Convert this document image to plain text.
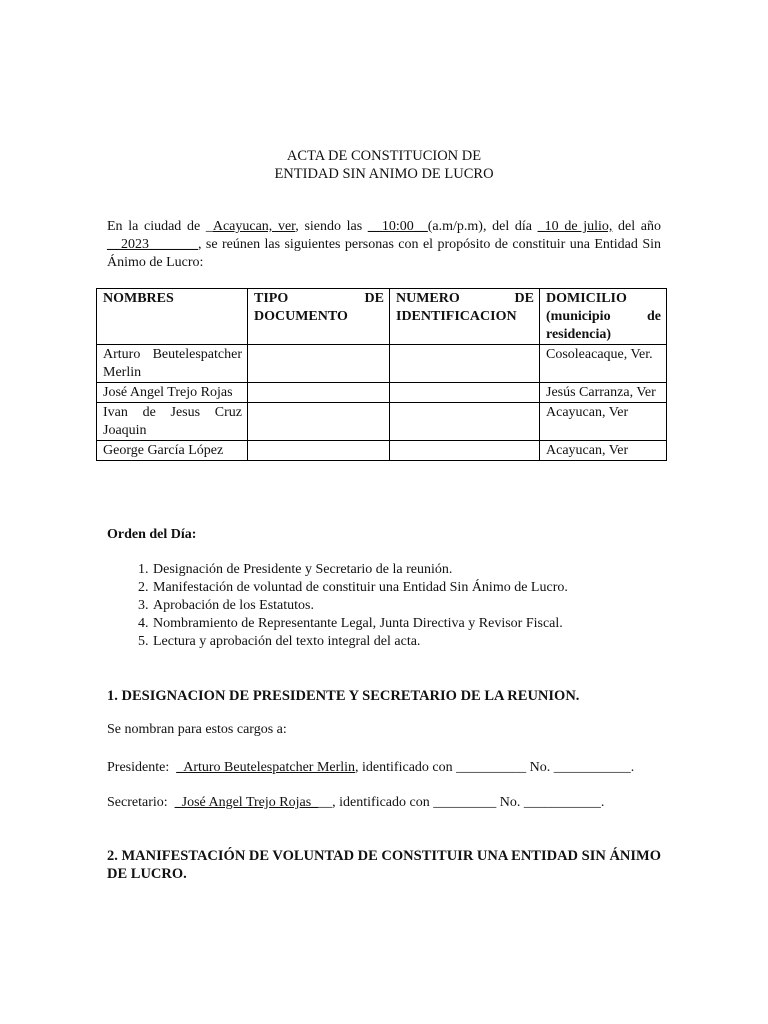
ACTA DE CONSTITUCION DE
ENTIDAD SIN ANIMO DE LUCRO
En la ciudad de _Acayucan, ver, siendo las __10:00__(a.m/p.m), del día _10 de julio, del año __2023_______, se reúnen las siguientes personas con el propósito de constituir una Entidad Sin Ánimo de Lucro:
NOMBRES	TIPO DE DOCUMENTO	NUMERO DE IDENTIFICACION	DOMICILIO (municipio de residencia)
Arturo Beutelespatcher Merlin			Cosoleacaque, Ver.
José Angel Trejo Rojas			Jesús Carranza, Ver
Ivan de Jesus Cruz Joaquin			Acayucan, Ver
George García López			Acayucan, Ver
Orden del Día:
1. Designación de Presidente y Secretario de la reunión.
2. Manifestación de voluntad de constituir una Entidad Sin Ánimo de Lucro.
3. Aprobación de los Estatutos.
4. Nombramiento de Representante Legal, Junta Directiva y Revisor Fiscal.
5. Lectura y aprobación del texto integral del acta.
1. DESIGNACION DE PRESIDENTE Y SECRETARIO DE LA REUNION.
Se nombran para estos cargos a:
Presidente:  _Arturo Beutelespatcher Merlin, identificado con __________ No. ___________.
Secretario:  _José Angel Trejo Rojas___, identificado con _________ No. ___________.
2. MANIFESTACIÓN DE VOLUNTAD DE CONSTITUIR UNA ENTIDAD SIN ÁNIMO DE LUCRO.
